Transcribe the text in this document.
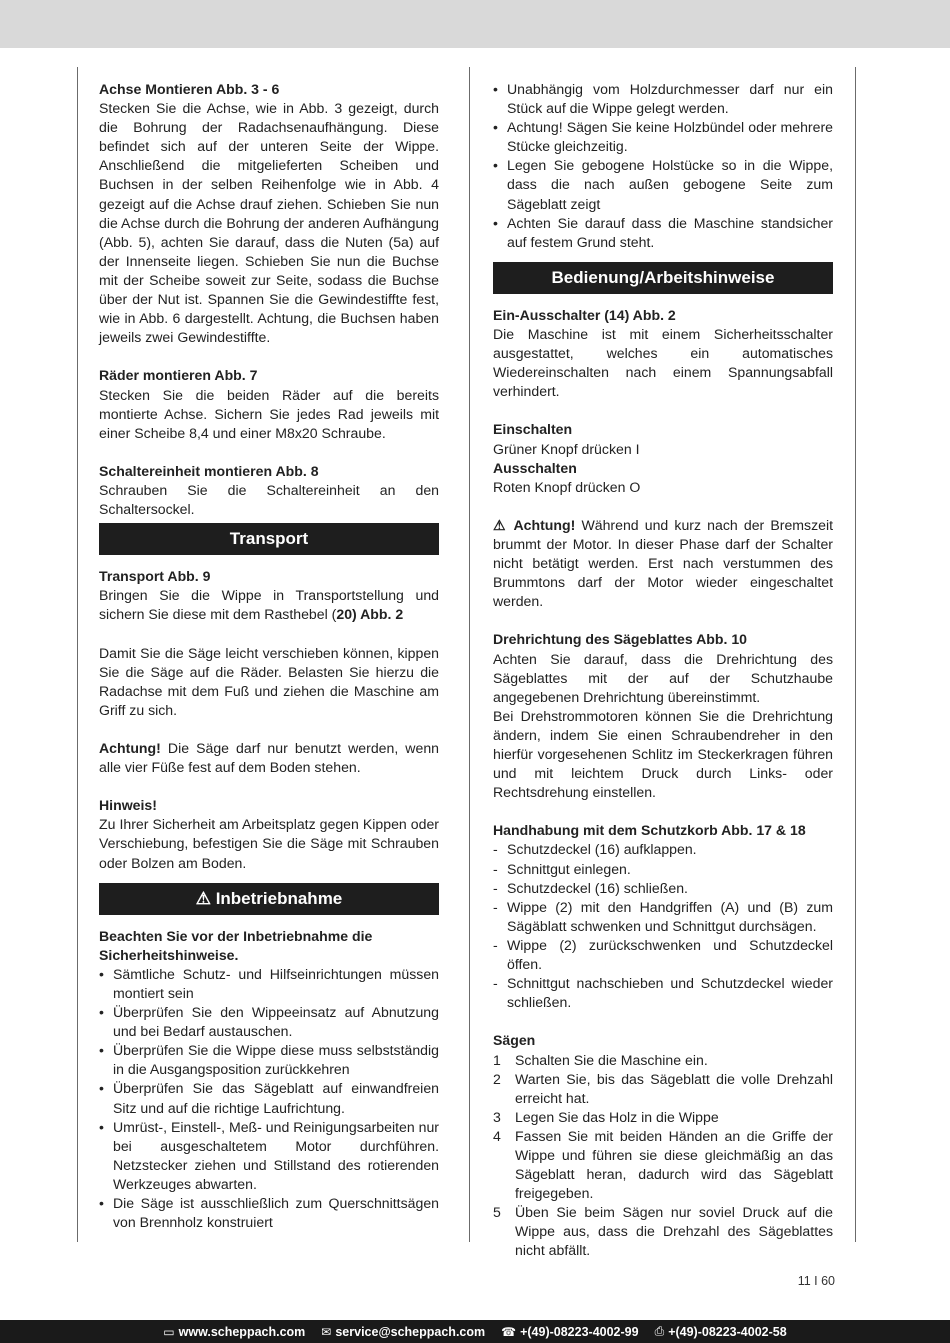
Achse Montieren Abb. 3 - 6
Stecken Sie die Achse, wie in Abb. 3 gezeigt, durch die Bohrung der Radachsenaufhängung. Diese befindet sich auf der unteren Seite der Wippe. Anschließend die mitgelieferten Scheiben und Buchsen in der selben Reihenfolge wie in Abb. 4 gezeigt auf die Achse drauf ziehen. Schieben Sie nun die Achse durch die Bohrung der anderen Aufhängung (Abb. 5), achten Sie darauf, dass die Nuten (5a) auf der Innenseite liegen. Schieben Sie nun die Buchse mit der Scheibe soweit zur Seite, sodass die Buchse über der Nut ist. Spannen Sie die Gewindestiffte fest, wie in Abb. 6 dargestellt. Achtung, die Buchsen haben jeweils zwei Gewindestiffte.
Räder montieren Abb. 7
Stecken Sie die beiden Räder auf die bereits montierte Achse. Sichern Sie jedes Rad jeweils mit einer Scheibe 8,4 und einer M8x20 Schraube.
Schaltereinheit montieren Abb. 8
Schrauben Sie die Schaltereinheit an den Schaltersockel.
Transport
Transport Abb. 9
Bringen Sie die Wippe in Transportstellung und sichern Sie diese mit dem Rasthebel (20) Abb. 2
Damit Sie die Säge leicht verschieben können, kippen Sie die Säge auf die Räder. Belasten Sie hierzu die Radachse mit dem Fuß und ziehen die Maschine am Griff zu sich.
Achtung! Die Säge darf nur benutzt werden, wenn alle vier Füße fest auf dem Boden stehen.
Hinweis!
Zu Ihrer Sicherheit am Arbeitsplatz gegen Kippen oder Verschiebung, befestigen Sie die Säge mit Schrauben oder Bolzen am Boden.
⚠ Inbetriebnahme
Beachten Sie vor der Inbetriebnahme die Sicherheitshinweise.
• Sämtliche Schutz- und Hilfseinrichtungen müssen montiert sein
• Überprüfen Sie den Wippeeinsatz auf Abnutzung und bei Bedarf austauschen.
• Überprüfen Sie die Wippe diese muss selbstständig in die Ausgangsposition zurückkehren
• Überprüfen Sie das Sägeblatt auf einwandfreien Sitz und auf die richtige Laufrichtung.
• Umrüst-, Einstell-, Meß- und Reinigungsarbeiten nur bei ausgeschaltetem Motor durchführen. Netzstecker ziehen und Stillstand des rotierenden Werkzeuges abwarten.
• Die Säge ist ausschließlich zum Querschnittsägen von Brennholz konstruiert
• Unabhängig vom Holzdurchmesser darf nur ein Stück auf die Wippe gelegt werden.
• Achtung! Sägen Sie keine Holzbündel oder mehrere Stücke gleichzeitig.
• Legen Sie gebogene Holstücke so in die Wippe, dass die nach außen gebogene Seite zum Sägeblatt zeigt
• Achten Sie darauf dass die Maschine standsicher auf festem Grund steht.
Bedienung/Arbeitshinweise
Ein-Ausschalter (14) Abb. 2
Die Maschine ist mit einem Sicherheitsschalter ausgestattet, welches ein automatisches Wiedereinschalten nach einem Spannungsabfall verhindert.
Einschalten
Grüner Knopf drücken I
Ausschalten
Roten Knopf drücken O
⚠ Achtung! Während und kurz nach der Bremszeit brummt der Motor. In dieser Phase darf der Schalter nicht betätigt werden. Erst nach verstummen des Brummtons darf der Motor wieder eingeschaltet werden.
Drehrichtung des Sägeblattes Abb. 10
Achten Sie darauf, dass die Drehrichtung des Sägeblattes mit der auf der Schutzhaube angegebenen Drehrichtung übereinstimmt.
Bei Drehstrommotoren können Sie die Drehrichtung ändern, indem Sie einen Schraubendreher in den hierfür vorgesehenen Schlitz im Steckerkragen führen und mit leichtem Druck durch Links- oder Rechtsdrehung einstellen.
Handhabung mit dem Schutzkorb Abb. 17 & 18
- Schutzdeckel (16) aufklappen.
- Schnittgut einlegen.
- Schutzdeckel (16) schließen.
- Wippe (2) mit den Handgriffen (A) und (B) zum Sägäblatt schwenken und Schnittgut durchsägen.
- Wippe (2) zurückschwenken und Schutzdeckel öffen.
- Schnittgut nachschieben und Schutzdeckel wieder schließen.
Sägen
1 Schalten Sie die Maschine ein.
2 Warten Sie, bis das Sägeblatt die volle Drehzahl erreicht hat.
3 Legen Sie das Holz in die Wippe
4 Fassen Sie mit beiden Händen an die Griffe der Wippe und führen sie diese gleichmäßig an das Sägeblatt heran, dadurch wird das Sägeblatt freigegeben.
5 Üben Sie beim Sägen nur soviel Druck auf die Wippe aus, dass die Drehzahl des Sägeblattes nicht abfällt.
11 I 60
▭ www.scheppach.com ✉ service@scheppach.com ☎ +(49)-08223-4002-99 ⎙ +(49)-08223-4002-58
